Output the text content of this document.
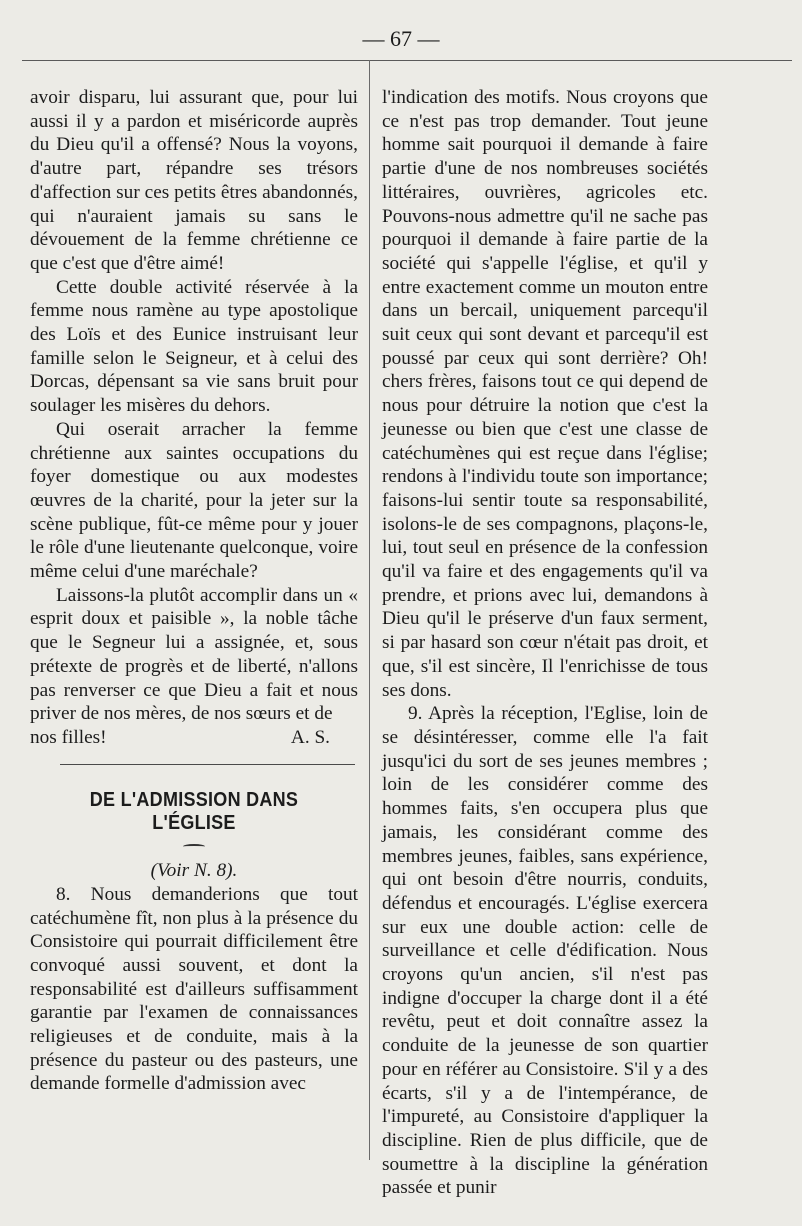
— 67 —

avoir disparu, lui assurant que, pour lui aussi il y a pardon et miséricorde auprès du Dieu qu'il a offensé? Nous la voyons, d'autre part, répandre ses trésors d'affection sur ces petits êtres abandonnés, qui n'auraient jamais su sans le dévouement de la femme chrétienne ce que c'est que d'être aimé!

Cette double activité réservée à la femme nous ramène au type apostolique des Loïs et des Eunice instruisant leur famille selon le Seigneur, et à celui des Dorcas, dépensant sa vie sans bruit pour soulager les misères du dehors.

Qui oserait arracher la femme chrétienne aux saintes occupations du foyer domestique ou aux modestes œuvres de la charité, pour la jeter sur la scène publique, fût-ce même pour y jouer le rôle d'une lieutenante quelconque, voire même celui d'une maréchale?

Laissons-la plutôt accomplir dans un « esprit doux et paisible », la noble tâche que le Segneur lui a assignée, et, sous prétexte de progrès et de liberté, n'allons pas renverser ce que Dieu a fait et nous priver de nos mères, de nos sœurs et de

nos filles!	A. S.
DE L'ADMISSION DANS L'ÉGLISE
(Voir N. 8).

8. Nous demanderions que tout catéchumène fît, non plus à la présence du Consistoire qui pourrait difficilement être convoqué aussi souvent, et dont la responsabilité est d'ailleurs suffisamment garantie par l'examen de connaissances religieuses et de conduite, mais à la présence du pasteur ou des pasteurs, une demande formelle d'admission avec

l'indication des motifs. Nous croyons que ce n'est pas trop demander. Tout jeune homme sait pourquoi il demande à faire partie d'une de nos nombreuses sociétés littéraires, ouvrières, agricoles etc. Pouvons-nous admettre qu'il ne sache pas pourquoi il demande à faire partie de la société qui s'appelle l'église, et qu'il y entre exactement comme un mouton entre dans un bercail, uniquement parcequ'il suit ceux qui sont devant et parcequ'il est poussé par ceux qui sont derrière? Oh! chers frères, faisons tout ce qui depend de nous pour détruire la notion que c'est la jeunesse ou bien que c'est une classe de catéchumènes qui est reçue dans l'église; rendons à l'individu toute son importance; faisons-lui sentir toute sa responsabilité, isolons-le de ses compagnons, plaçons-le, lui, tout seul en présence de la confession qu'il va faire et des engagements qu'il va prendre, et prions avec lui, demandons à Dieu qu'il le préserve d'un faux serment, si par hasard son cœur n'était pas droit, et que, s'il est sincère, Il l'enrichisse de tous ses dons.

9. Après la réception, l'Eglise, loin de se désintéresser, comme elle l'a fait jusqu'ici du sort de ses jeunes membres ; loin de les considérer comme des hommes faits, s'en occupera plus que jamais, les considérant comme des membres jeunes, faibles, sans expérience, qui ont besoin d'être nourris, conduits, défendus et encouragés. L'église exercera sur eux une double action: celle de surveillance et celle d'édification. Nous croyons qu'un ancien, s'il n'est pas indigne d'occuper la charge dont il a été revêtu, peut et doit connaître assez la conduite de la jeunesse de son quartier pour en référer au Consistoire. S'il y a des écarts, s'il y a de l'intempérance, de l'impureté, au Consistoire d'appliquer la discipline. Rien de plus difficile, que de soumettre à la discipline la génération passée et punir
